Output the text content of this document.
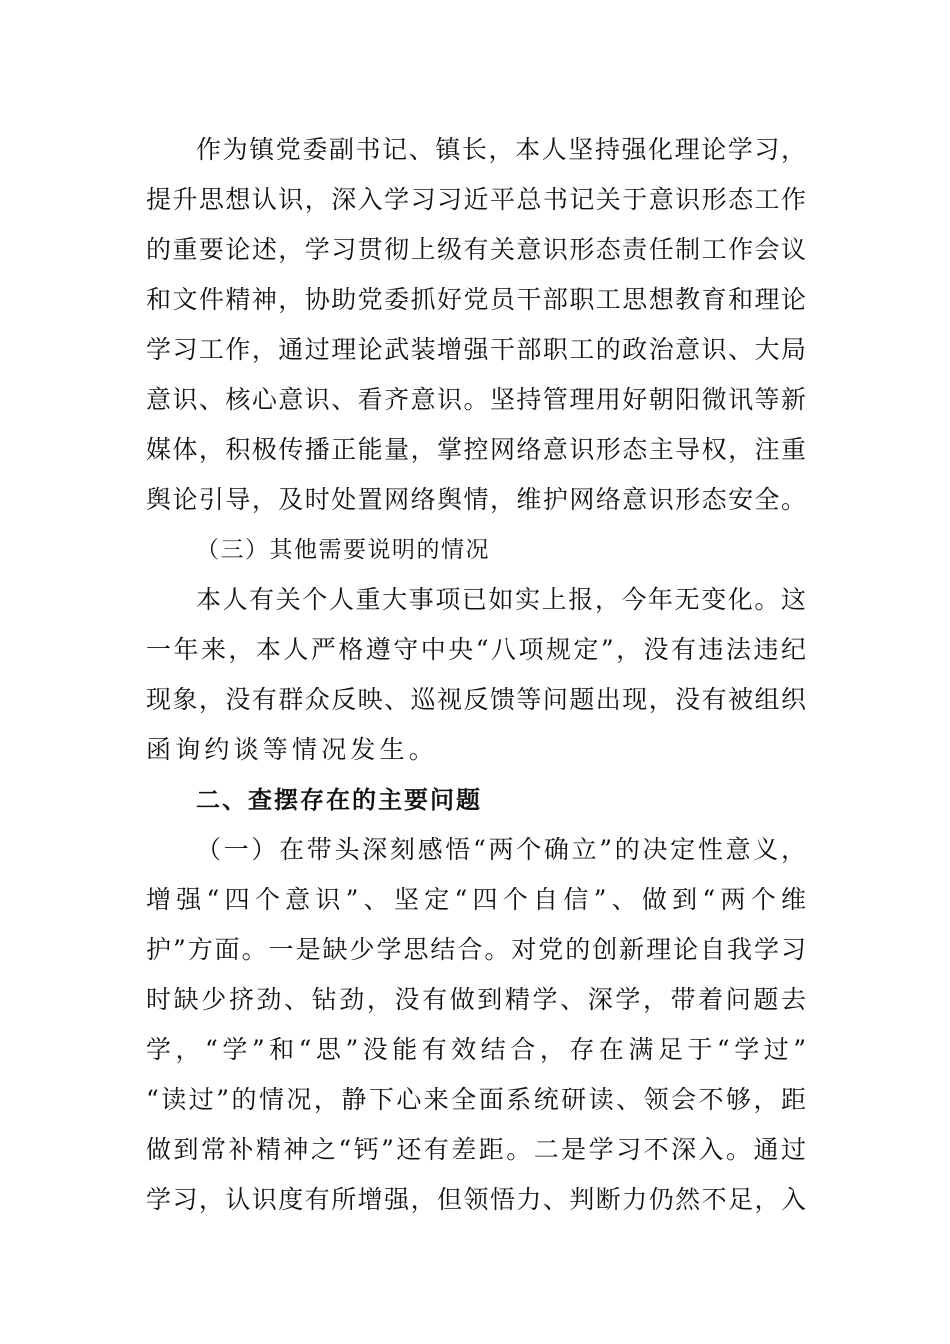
作为镇党委副书记、镇长，本人坚持强化理论学习，
提升思想认识，深入学习习近平总书记关于意识形态工作
的重要论述，学习贯彻上级有关意识形态责任制工作会议
和文件精神，协助党委抓好党员干部职工思想教育和理论
学习工作，通过理论武装增强干部职工的政治意识、大局
意识、核心意识、看齐意识。坚持管理用好朝阳微讯等新
媒体，积极传播正能量，掌控网络意识形态主导权，注重
舆论引导，及时处置网络舆情，维护网络意识形态安全。
（三）其他需要说明的情况
本人有关个人重大事项已如实上报，今年无变化。这
一年来，本人严格遵守中央“八项规定”，没有违法违纪
现象，没有群众反映、巡视反馈等问题出现，没有被组织
函询约谈等情况发生。
二、查摆存在的主要问题
（一）在带头深刻感悟“两个确立”的决定性意义，
增强“四个意识”、坚定“四个自信”、做到“两个维
护”方面。一是缺少学思结合。对党的创新理论自我学习
时缺少挤劲、钻劲，没有做到精学、深学，带着问题去
学，“学”和“思”没能有效结合，存在满足于“学过”
“读过”的情况，静下心来全面系统研读、领会不够，距
做到常补精神之“钙”还有差距。二是学习不深入。通过
学习，认识度有所增强，但领悟力、判断力仍然不足，入
